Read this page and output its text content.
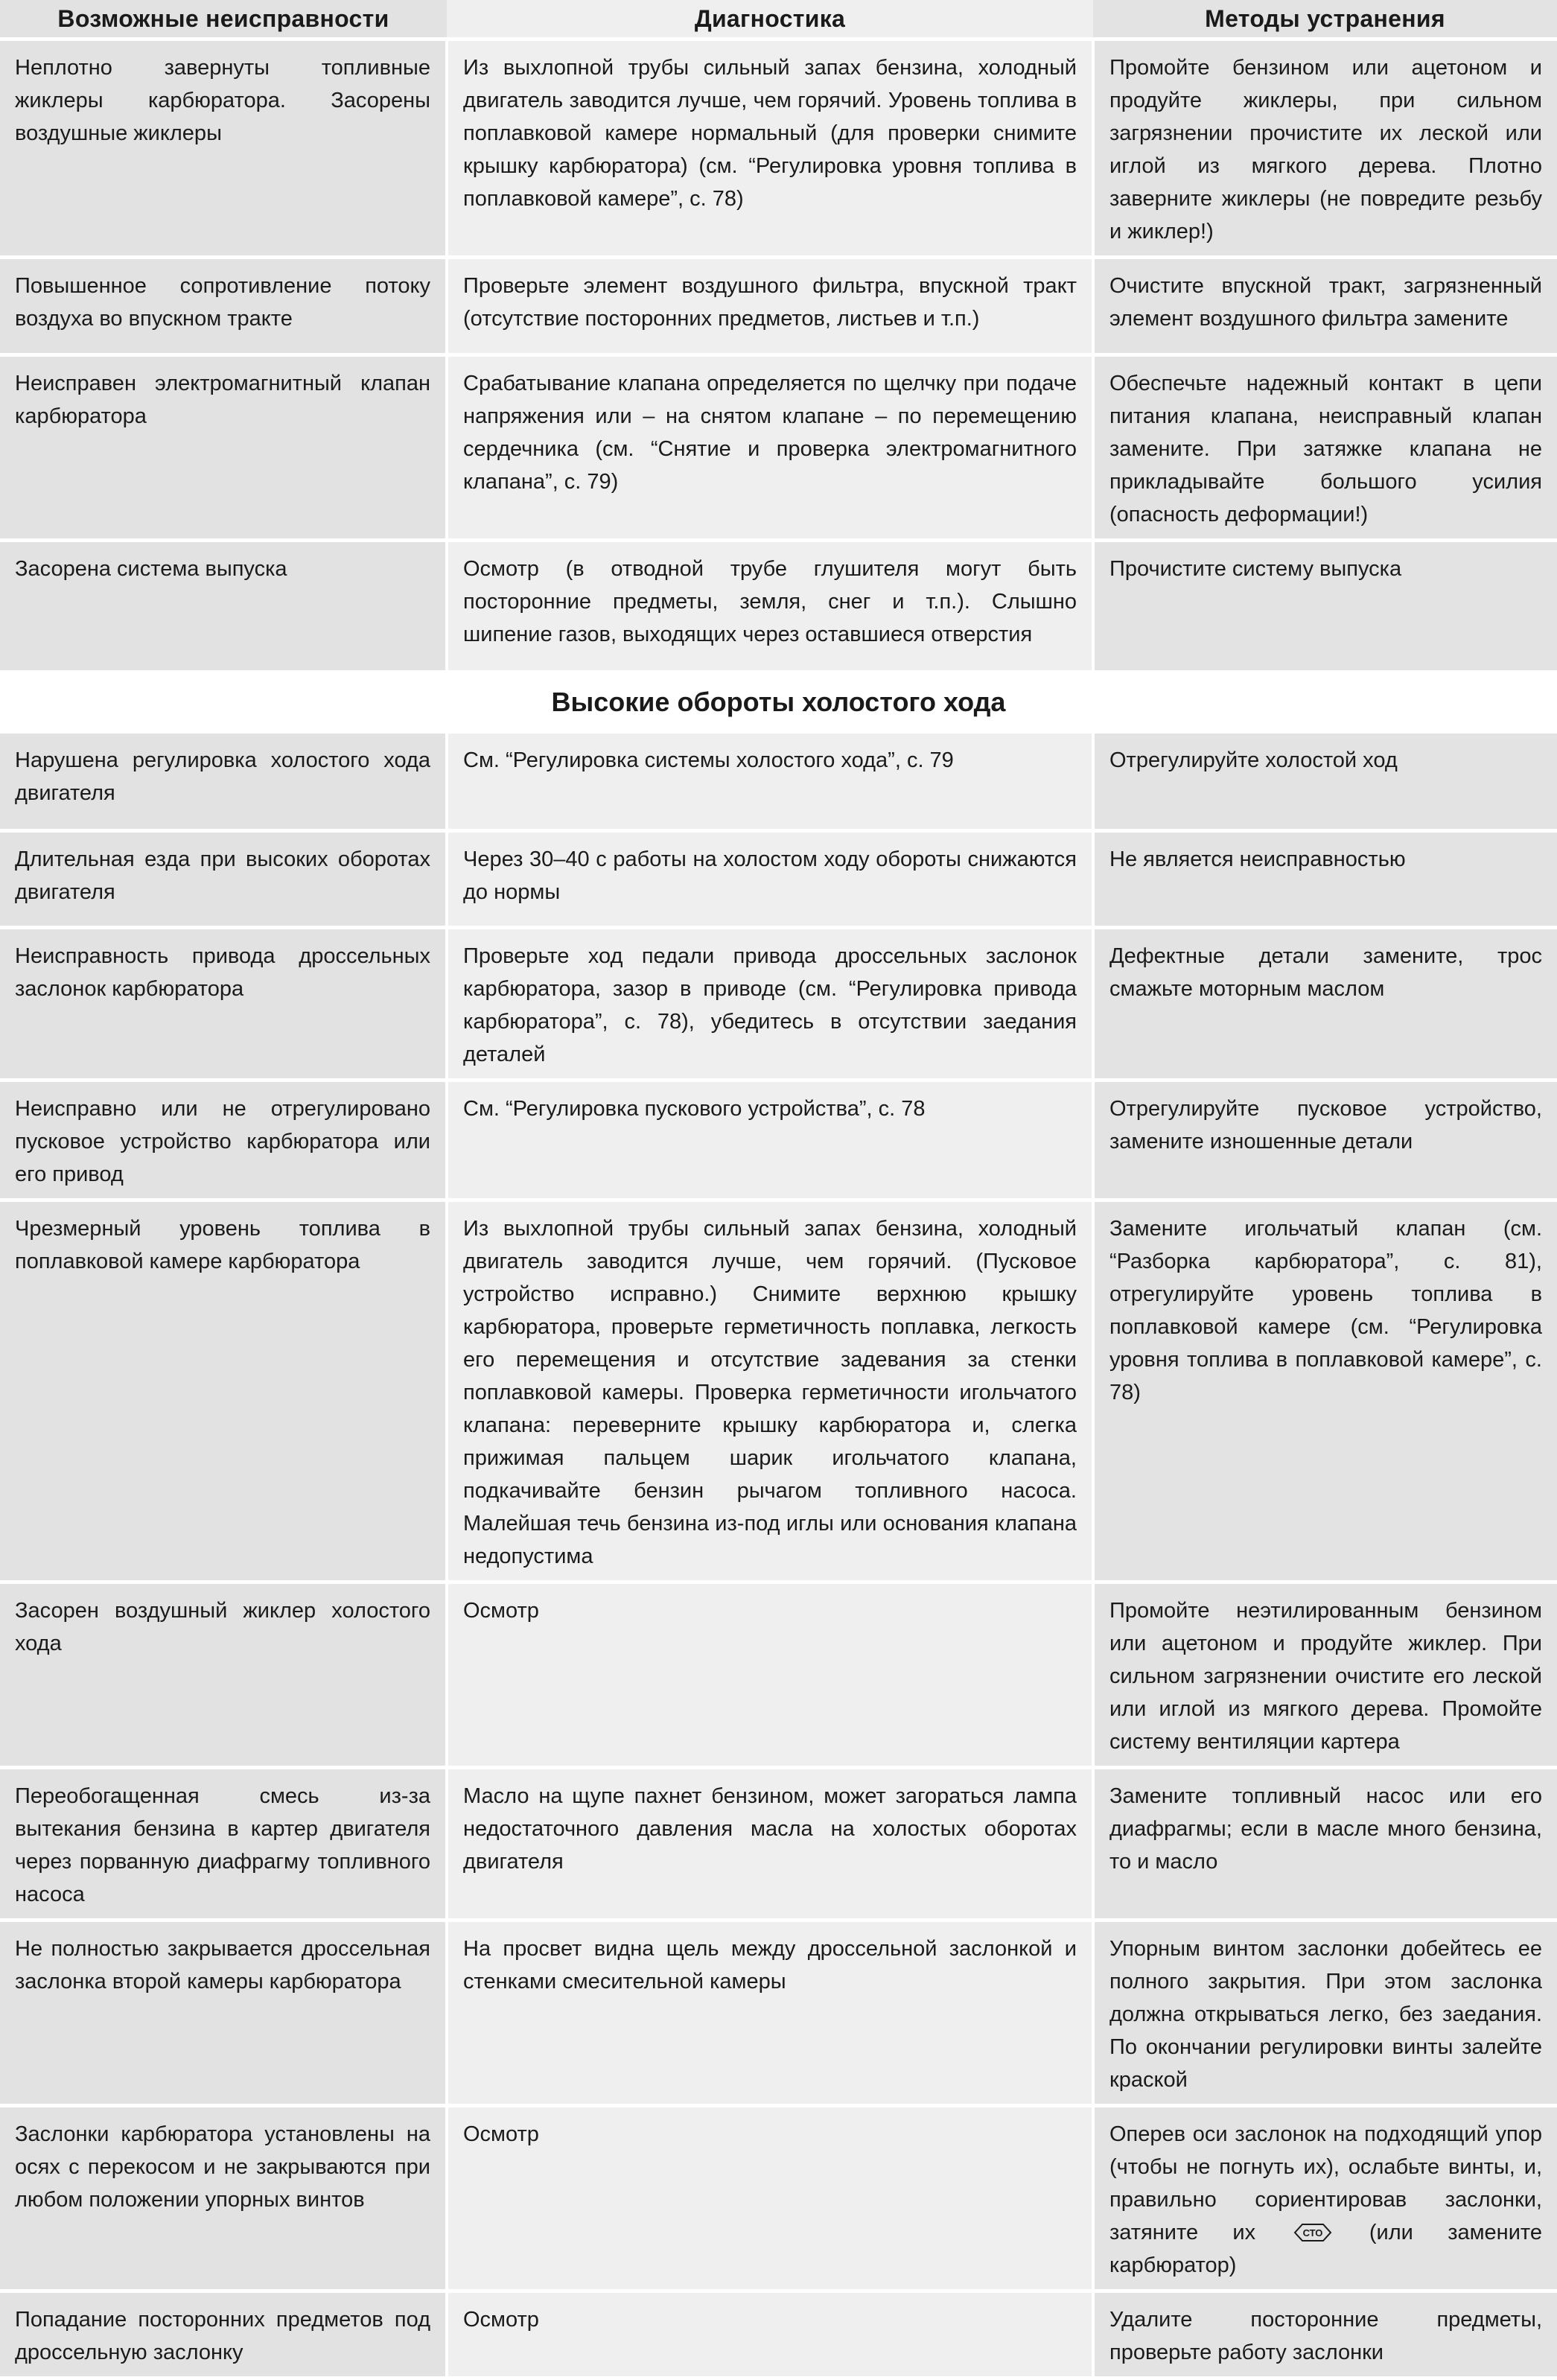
Возможные неисправности	Диагностика	Методы устранения
Неплотно завернуты топливные жиклеры карбюратора. Засорены воздушные жиклеры	Из выхлопной трубы сильный запах бензина, холодный двигатель заводится лучше, чем горячий. Уровень топлива в поплавковой камере нормальный (для проверки снимите крышку карбюратора) (см. “Регулировка уровня топлива в поплавковой камере”, с. 78)	Промойте бензином или ацетоном и продуйте жиклеры, при сильном загрязнении прочистите их леской или иглой из мягкого дерева. Плотно заверните жиклеры (не повредите резьбу и жиклер!)
Повышенное сопротивление потоку воздуха во впускном тракте	Проверьте элемент воздушного фильтра, впускной тракт (отсутствие посторонних предметов, листьев и т.п.)	Очистите впускной тракт, загрязненный элемент воздушного фильтра замените
Неисправен электромагнитный клапан карбюратора	Срабатывание клапана определяется по щелчку при подаче напряжения или – на снятом клапане – по перемещению сердечника (см. “Снятие и проверка электромагнитного клапана”, с. 79)	Обеспечьте надежный контакт в цепи питания клапана, неисправный клапан замените. При затяжке клапана не прикладывайте большого усилия (опасность деформации!)
Засорена система выпуска	Осмотр (в отводной трубе глушителя могут быть посторонние предметы, земля, снег и т.п.). Слышно шипение газов, выходящих через оставшиеся отверстия	Прочистите систему выпуска
Высокие обороты холостого хода		
Нарушена регулировка холостого хода двигателя	См. “Регулировка системы холостого хода”, с. 79	Отрегулируйте холостой ход
Длительная езда при высоких оборотах двигателя	Через 30–40 с работы на холостом ходу обороты снижаются до нормы	Не является неисправностью
Неисправность привода дроссельных заслонок карбюратора	Проверьте ход педали привода дроссельных заслонок карбюратора, зазор в приводе (см. “Регулировка привода карбюратора”, с. 78), убедитесь в отсутствии заедания деталей	Дефектные детали замените, трос смажьте моторным маслом
Неисправно или не отрегулировано пусковое устройство карбюратора или его привод	См. “Регулировка пускового устройства”, с. 78	Отрегулируйте пусковое устройство, замените изношенные детали
Чрезмерный уровень топлива в поплавковой камере карбюратора	Из выхлопной трубы сильный запах бензина, холодный двигатель заводится лучше, чем горячий. (Пусковое устройство исправно.) Снимите верхнюю крышку карбюратора, проверьте герметичность поплавка, легкость его перемещения и отсутствие задевания за стенки поплавковой камеры. Проверка герметичности игольчатого клапана: переверните крышку карбюратора и, слегка прижимая пальцем шарик игольчатого клапана, подкачивайте бензин рычагом топливного насоса. Малейшая течь бензина из-под иглы или основания клапана недопустима	Замените игольчатый клапан (см. “Разборка карбюратора”, с. 81), отрегулируйте уровень топлива в поплавковой камере (см. “Регулировка уровня топлива в поплавковой камере”, с. 78)
Засорен воздушный жиклер холостого хода	Осмотр	Промойте неэтилированным бензином или ацетоном и продуйте жиклер. При сильном загрязнении очистите его леской или иглой из мягкого дерева. Промойте систему вентиляции картера
Переобогащенная смесь из-за вытекания бензина в картер двигателя через порванную диафрагму топливного насоса	Масло на щупе пахнет бензином, может загораться лампа недостаточного давления масла на холостых оборотах двигателя	Замените топливный насос или его диафрагмы; если в масле много бензина, то и масло
Не полностью закрывается дроссельная заслонка второй камеры карбюратора	На просвет видна щель между дроссельной заслонкой и стенками смесительной камеры	Упорным винтом заслонки добейтесь ее полного закрытия. При этом заслонка должна открываться легко, без заедания. По окончании регулировки винты залейте краской
Заслонки карбюратора установлены на осях с перекосом и не закрываются при любом положении упорных винтов	Осмотр	Оперев оси заслонок на подходящий упор (чтобы не погнуть их), ослабьте винты, и, правильно сориентировав заслонки, затяните их СТО (или замените карбюратор)
Попадание посторонних предметов под дроссельную заслонку	Осмотр	Удалите посторонние предметы, проверьте работу заслонки
